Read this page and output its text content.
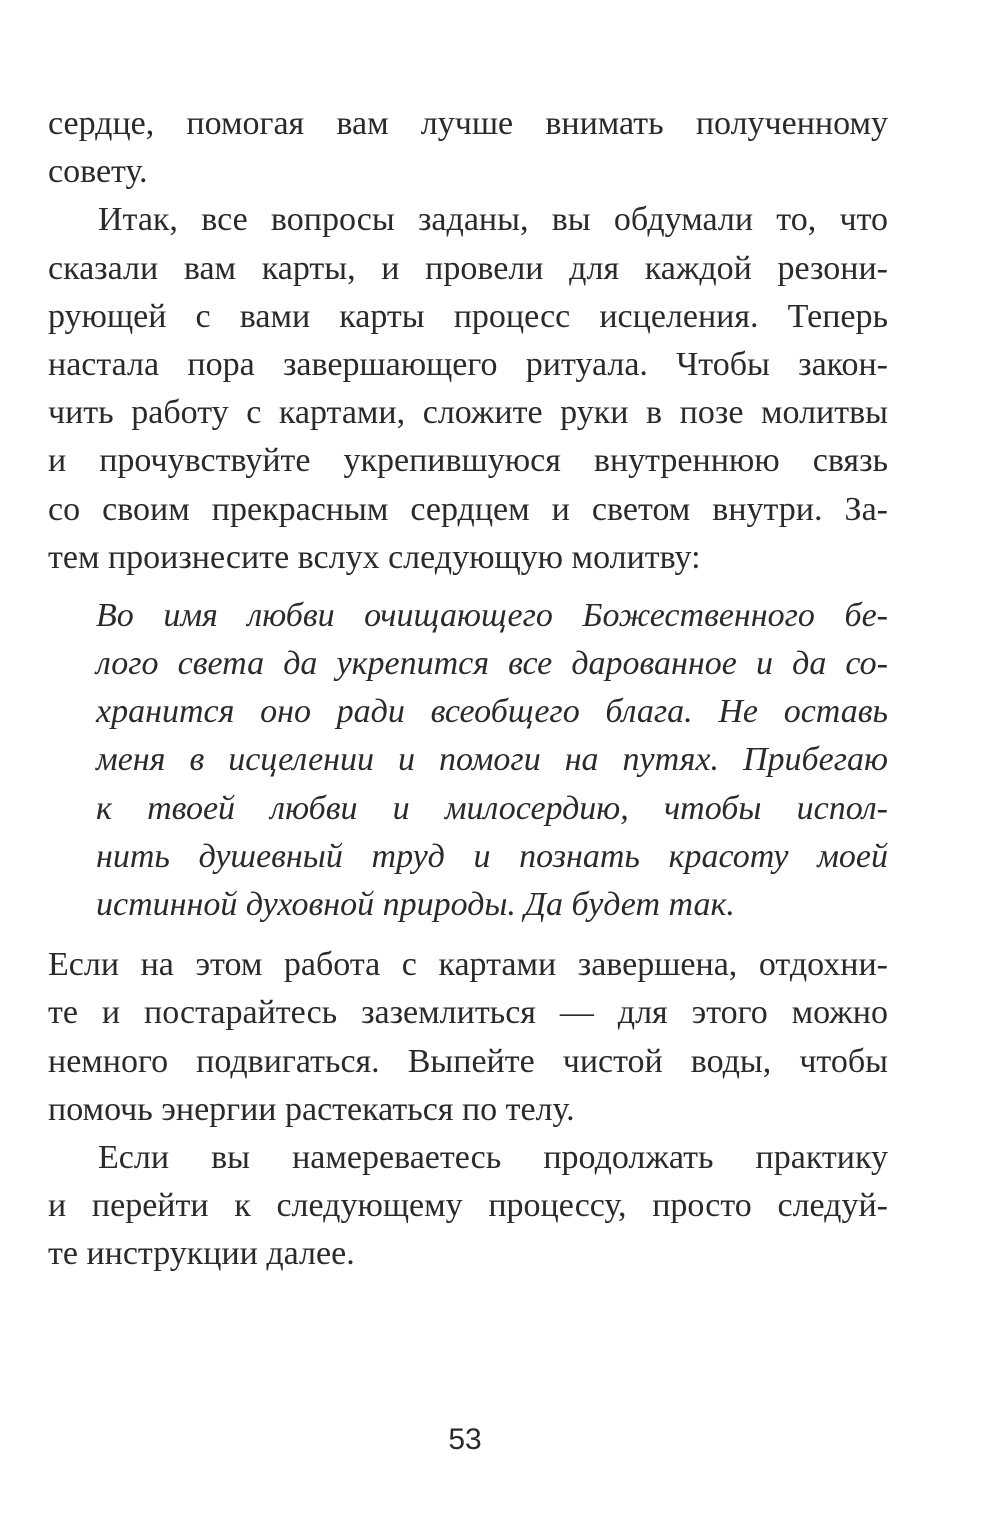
сердце, помогая вам лучше внимать полученному
совету.
Итак, все вопросы заданы, вы обдумали то, что
сказали вам карты, и провели для каждой резони-
рующей с вами карты процесс исцеления. Теперь
настала пора завершающего ритуала. Чтобы закон-
чить работу с картами, сложите руки в позе молитвы
и прочувствуйте укрепившуюся внутреннюю связь
со своим прекрасным сердцем и светом внутри. За-
тем произнесите вслух следующую молитву:
Во имя любви очищающего Божественного бе-
лого света да укрепится все дарованное и да со-
хранится оно ради всеобщего блага. Не оставь
меня в исцелении и помоги на путях. Прибегаю
к твоей любви и милосердию, чтобы испол-
нить душевный труд и познать красоту моей
истинной духовной природы. Да будет так.
Если на этом работа с картами завершена, отдохни-
те и постарайтесь заземлиться — для этого можно
немного подвигаться. Выпейте чистой воды, чтобы
помочь энергии растекаться по телу.
Если вы намереваетесь продолжать практику
и перейти к следующему процессу, просто следуй-
те инструкции далее.
53
